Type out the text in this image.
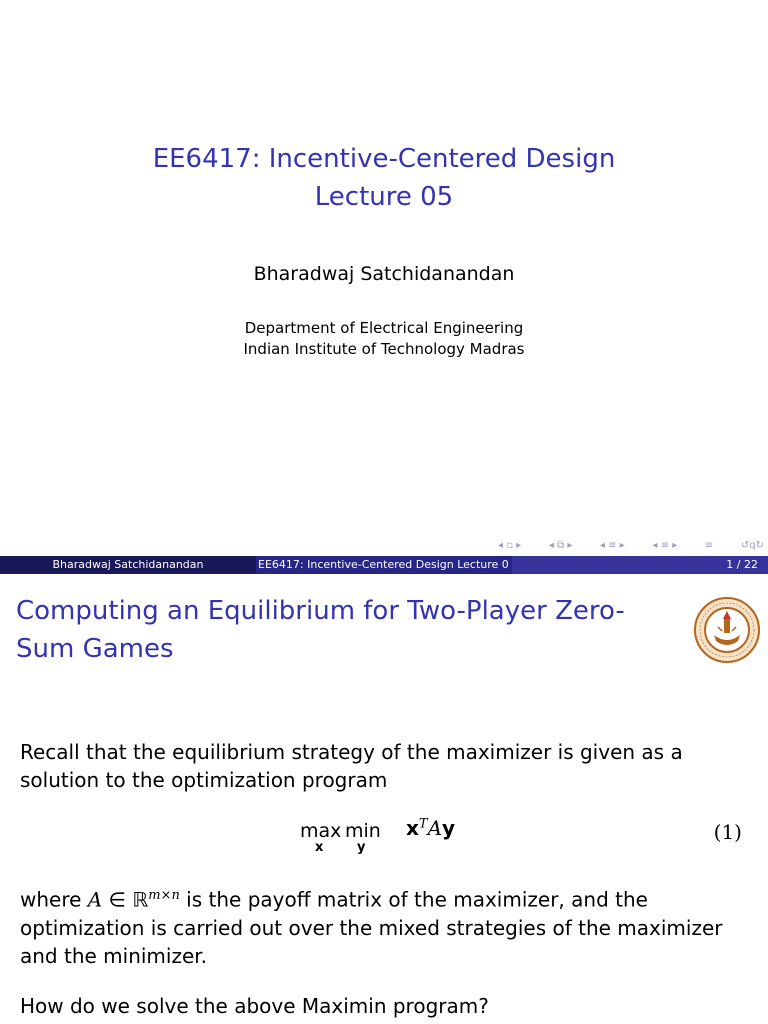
EE6417: Incentive-Centered Design
Lecture 05
Bharadwaj Satchidanandan
Department of Electrical Engineering
Indian Institute of Technology Madras
◂ ▫ ▸	◂ ⧉ ▸	◂ ≡ ▸	◂ ≡ ▸	≡	↺ԛ↻
Bharadwaj Satchidanandan	EE6417: Incentive-Centered Design Lecture 0	1 / 22
Computing an Equilibrium for Two-Player Zero-Sum Games
Recall that the equilibrium strategy of the maximizer is given as a solution to the optimization program
max
x
min
y
$x^TAy$	(1)
where A ∈ ℝ$^{m\times n}$ is the payoff matrix of the maximizer, and the optimization is carried out over the mixed strategies of the maximizer and the minimizer.
How do we solve the above Maximin program?
